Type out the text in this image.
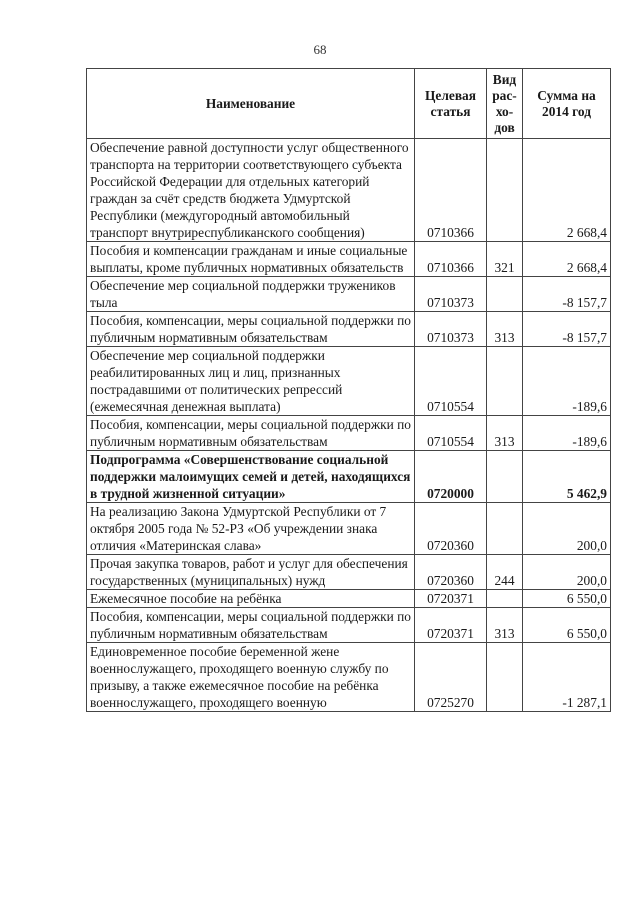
68
Наименование	Целевая статья	Вид рас-хо-дов	Сумма на 2014 год
Обеспечение равной доступности услуг общественного транспорта на территории соответствующего субъекта Российской Федерации для отдельных категорий граждан за счёт средств бюджета Удмуртской Республики (междугородный автомобильный транспорт внутриреспубликанского сообщения)	0710366		2 668,4
Пособия и компенсации гражданам и иные социальные выплаты, кроме публичных нормативных обязательств	0710366	321	2 668,4
Обеспечение мер социальной поддержки тружеников тыла	0710373		-8 157,7
Пособия, компенсации, меры социальной поддержки по публичным нормативным обязательствам	0710373	313	-8 157,7
Обеспечение мер социальной поддержки реабилитированных лиц и лиц, признанных пострадавшими от политических репрессий (ежемесячная денежная выплата)	0710554		-189,6
Пособия, компенсации, меры социальной поддержки по публичным нормативным обязательствам	0710554	313	-189,6
Подпрограмма «Совершенствование социальной поддержки малоимущих семей и детей, находящихся в трудной жизненной ситуации»	0720000		5 462,9
На реализацию Закона Удмуртской Республики от 7 октября 2005 года № 52-РЗ «Об учреждении знака отличия «Материнская слава»	0720360		200,0
Прочая закупка товаров, работ и услуг для обеспечения государственных (муниципальных) нужд	0720360	244	200,0
Ежемесячное пособие на ребёнка	0720371		6 550,0
Пособия, компенсации, меры социальной поддержки по публичным нормативным обязательствам	0720371	313	6 550,0
Единовременное пособие беременной жене военнослужащего, проходящего военную службу по призыву, а также ежемесячное пособие на ребёнка военнослужащего, проходящего военную	0725270		-1 287,1
